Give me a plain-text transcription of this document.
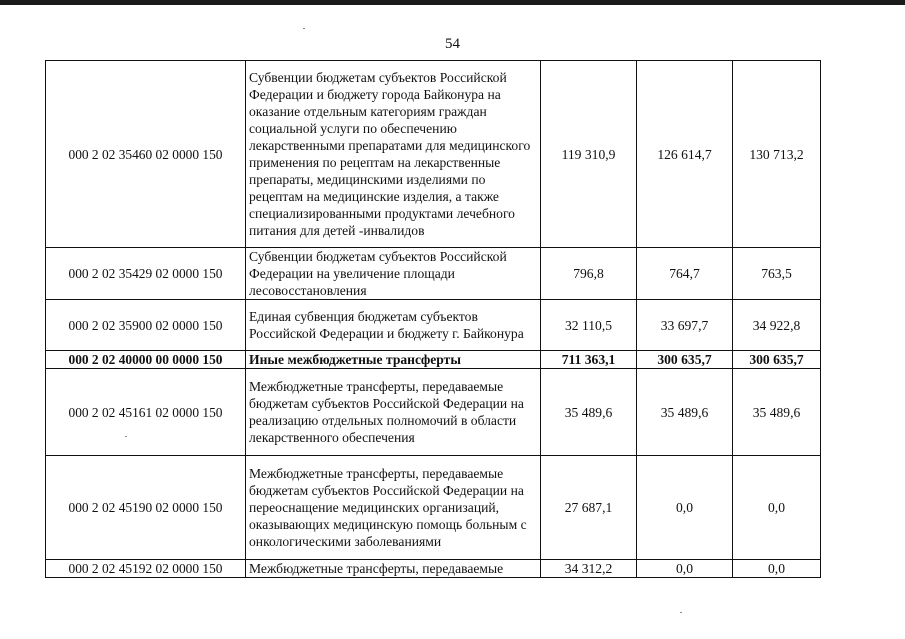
54
000 2 02 35460 02 0000 150	Субвенции бюджетам субъектов Российской Федерации и бюджету города Байконура на оказание отдельным категориям граждан социальной услуги по обеспечению лекарственными препаратами для медицинского применения по рецептам на лекарственные препараты, медицинскими изделиями по рецептам на медицинские изделия, а также специализированными продуктами лечебного питания для детей -инвалидов	119 310,9	126 614,7	130 713,2
000 2 02 35429 02 0000 150	Субвенции бюджетам субъектов Российской Федерации на увеличение площади лесовосстановления	796,8	764,7	763,5
000 2 02 35900 02 0000 150	Единая субвенция бюджетам субъектов Российской Федерации и бюджету г. Байконура	32 110,5	33 697,7	34 922,8
000 2 02 40000 00 0000 150	Иные межбюджетные трансферты	711 363,1	300 635,7	300 635,7
000 2 02 45161 02 0000 150	Межбюджетные трансферты, передаваемые бюджетам субъектов Российской Федерации на реализацию отдельных полномочий в области лекарственного обеспечения	35 489,6	35 489,6	35 489,6
000 2 02 45190 02 0000 150	Межбюджетные трансферты, передаваемые бюджетам субъектов Российской Федерации на переоснащение медицинских организаций, оказывающих медицинскую помощь больным с онкологическими заболеваниями	27 687,1	0,0	0,0
000 2 02 45192 02 0000 150	Межбюджетные трансферты, передаваемые	34 312,2	0,0	0,0
